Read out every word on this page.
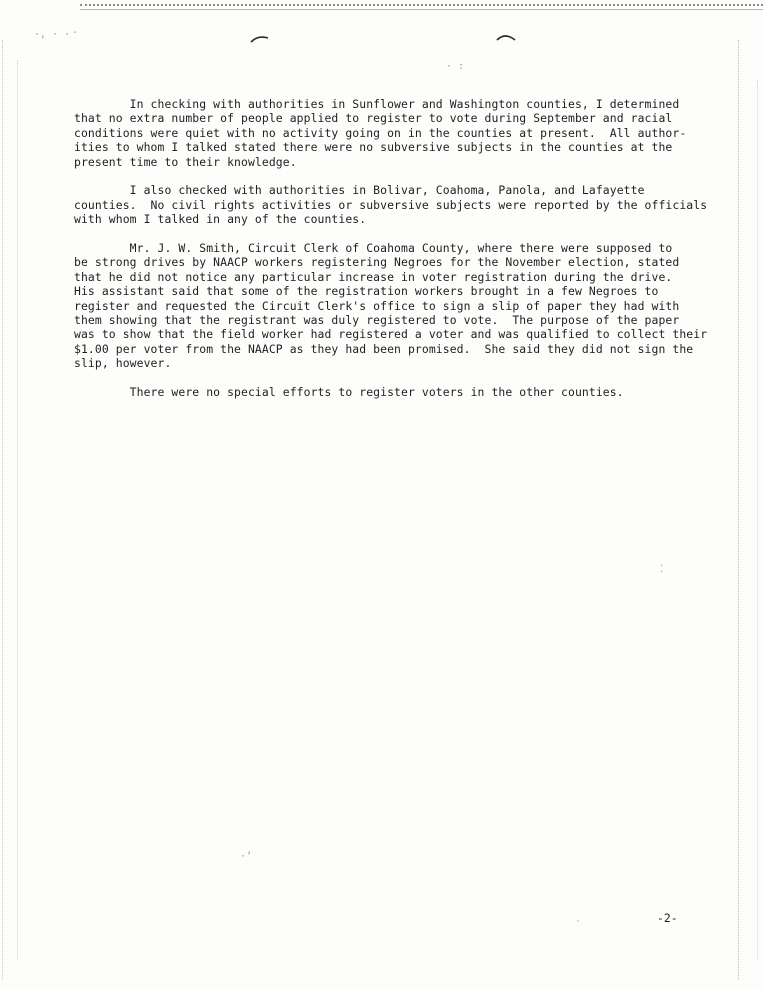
·‚ · · -
· :
·ʼ
ˎ
⁚

In checking with authorities in Sunflower and Washington counties, I determined
that no extra number of people applied to register to vote during September and racial
conditions were quiet with no activity going on in the counties at present.  All author-
ities to whom I talked stated there were no subversive subjects in the counties at the
present time to their knowledge.

I also checked with authorities in Bolivar, Coahoma, Panola, and Lafayette
counties.  No civil rights activities or subversive subjects were reported by the officials
with whom I talked in any of the counties.

Mr. J. W. Smith, Circuit Clerk of Coahoma County, where there were supposed to
be strong drives by NAACP workers registering Negroes for the November election, stated
that he did not notice any particular increase in voter registration during the drive.
His assistant said that some of the registration workers brought in a few Negroes to
register and requested the Circuit Clerk's office to sign a slip of paper they had with
them showing that the registrant was duly registered to vote.  The purpose of the paper
was to show that the field worker had registered a voter and was qualified to collect their
$1.00 per voter from the NAACP as they had been promised.  She said they did not sign the
slip, however.

There were no special efforts to register voters in the other counties.

-2-
